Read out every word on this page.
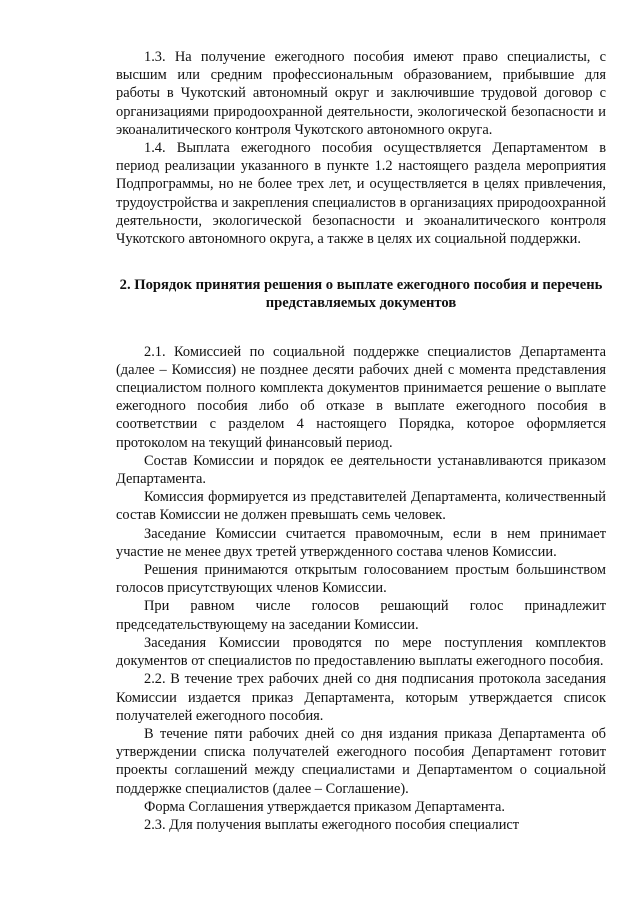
1.3. На получение ежегодного пособия имеют право специалисты, с высшим или средним профессиональным образованием, прибывшие для работы в Чукотский автономный округ и заключившие трудовой договор с организациями природоохранной деятельности, экологической безопасности и экоаналитического контроля Чукотского автономного округа.

1.4. Выплата ежегодного пособия осуществляется Департаментом в период реализации указанного в пункте 1.2 настоящего раздела мероприятия Подпрограммы, но не более трех лет, и осуществляется в целях привлечения, трудоустройства и закрепления специалистов в организациях природоохранной деятельности, экологической безопасности и экоаналитического контроля Чукотского автономного округа, а также в целях их социальной поддержки.

2. Порядок принятия решения о выплате ежегодного пособия и перечень представляемых документов

2.1. Комиссией по социальной поддержке специалистов Департамента (далее – Комиссия) не позднее десяти рабочих дней с момента представления специалистом полного комплекта документов принимается решение о выплате ежегодного пособия либо об отказе в выплате ежегодного пособия в соответствии с разделом 4 настоящего Порядка, которое оформляется протоколом на текущий финансовый период.

Состав Комиссии и порядок ее деятельности устанавливаются приказом Департамента.

Комиссия формируется из представителей Департамента, количественный состав Комиссии не должен превышать семь человек.

Заседание Комиссии считается правомочным, если в нем принимает участие не менее двух третей утвержденного состава членов Комиссии.

Решения принимаются открытым голосованием простым большинством голосов присутствующих членов Комиссии.

При равном числе голосов решающий голос принадлежит председательствующему на заседании Комиссии.

Заседания Комиссии проводятся по мере поступления комплектов документов от специалистов по предоставлению выплаты ежегодного пособия.

2.2. В течение трех рабочих дней со дня подписания протокола заседания Комиссии издается приказ Департамента, которым утверждается список получателей ежегодного пособия.

В течение пяти рабочих дней со дня издания приказа Департамента об утверждении списка получателей ежегодного пособия Департамент готовит проекты соглашений между специалистами и Департаментом о социальной поддержке специалистов (далее – Соглашение).

Форма Соглашения утверждается приказом Департамента.

2.3. Для получения выплаты ежегодного пособия специалист
